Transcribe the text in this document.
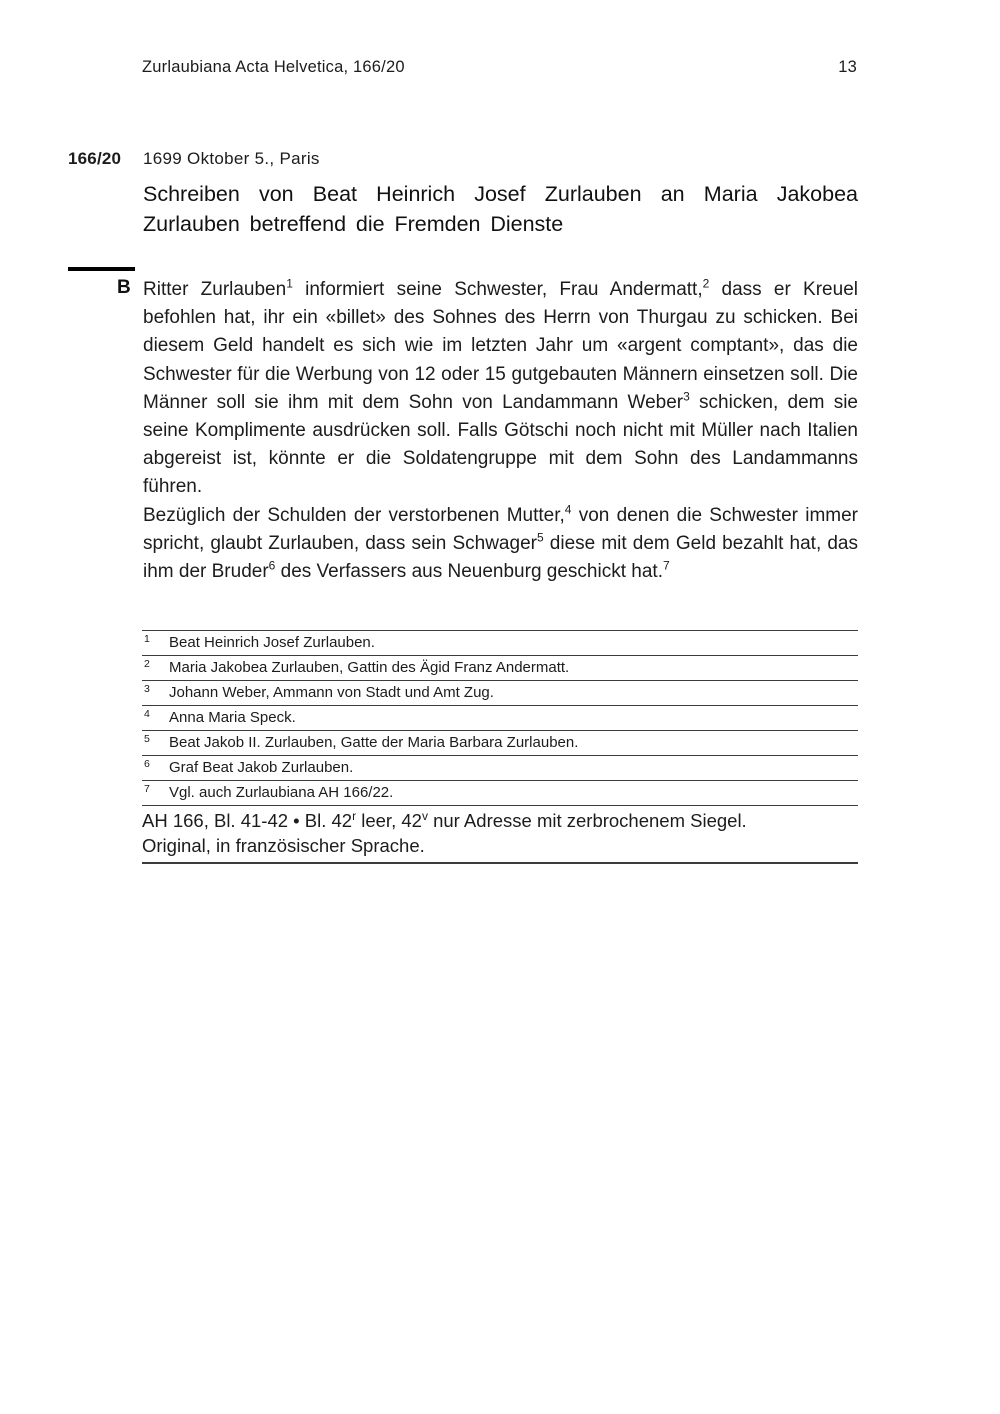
Zurlaubiana Acta Helvetica, 166/20	13
166/20	1699 Oktober 5., Paris
Schreiben von Beat Heinrich Josef Zurlauben an Maria Jakobea Zurlauben betreffend die Fremden Dienste
B Ritter Zurlauben$^1$ informiert seine Schwester, Frau Andermatt,$^2$ dass er Kreuel befohlen hat, ihr ein «billet» des Sohnes des Herrn von Thurgau zu schicken. Bei diesem Geld handelt es sich wie im letzten Jahr um «argent comptant», das die Schwester für die Werbung von 12 oder 15 gutgebauten Männern einsetzen soll. Die Männer soll sie ihm mit dem Sohn von Landammann Weber$^3$ schicken, dem sie seine Komplimente ausdrücken soll. Falls Götschi noch nicht mit Müller nach Italien abgereist ist, könnte er die Soldatengruppe mit dem Sohn des Landammanns führen.

Bezüglich der Schulden der verstorbenen Mutter,$^4$ von denen die Schwester immer spricht, glaubt Zurlauben, dass sein Schwager$^5$ diese mit dem Geld bezahlt hat, das ihm der Bruder$^6$ des Verfassers aus Neuenburg geschickt hat.$^7$

1	Beat Heinrich Josef Zurlauben.
2	Maria Jakobea Zurlauben, Gattin des Ägid Franz Andermatt.
3	Johann Weber, Ammann von Stadt und Amt Zug.
4	Anna Maria Speck.
5	Beat Jakob II. Zurlauben, Gatte der Maria Barbara Zurlauben.
6	Graf Beat Jakob Zurlauben.
7	Vgl. auch Zurlaubiana AH 166/22.
AH 166, Bl. 41-42 • Bl. 42$^r$ leer, 42$^v$ nur Adresse mit zerbrochenem Siegel.
Original, in französischer Sprache.
